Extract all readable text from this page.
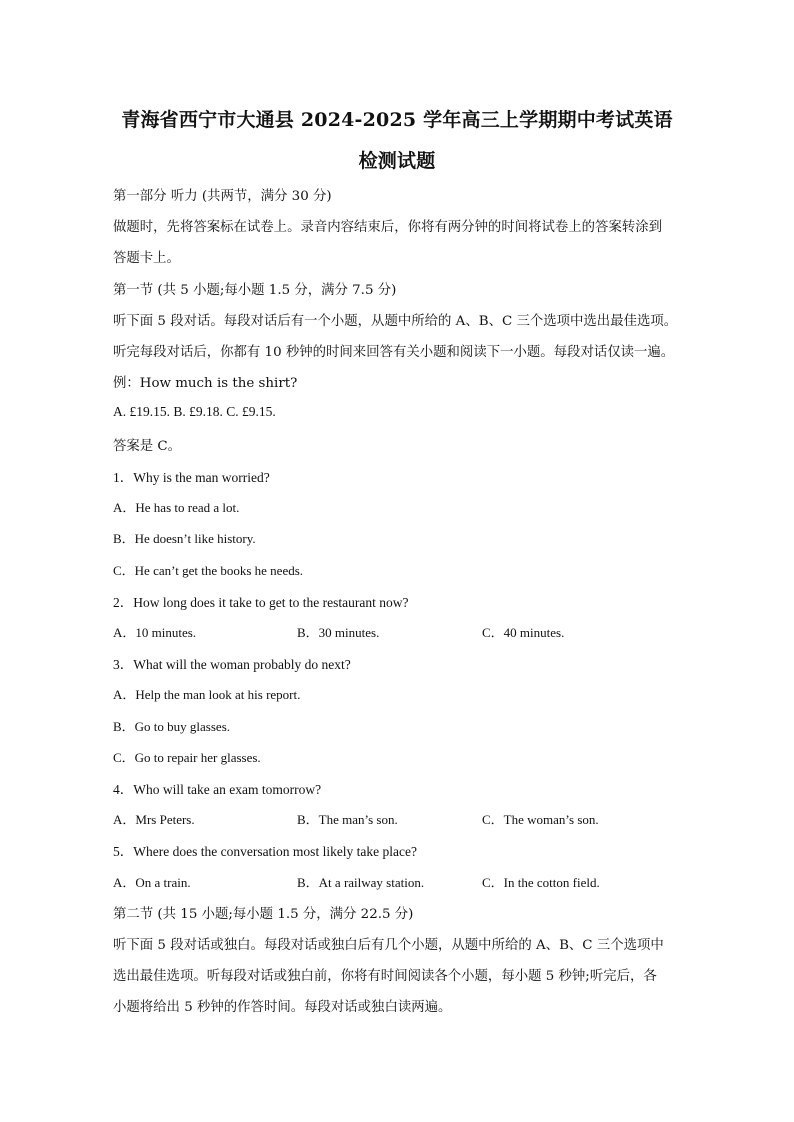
青海省西宁市大通县 2024-2025 学年高三上学期期中考试英语
检测试题
第一部分 听力 (共两节，满分 30 分)
做题时，先将答案标在试卷上。录音内容结束后，你将有两分钟的时间将试卷上的答案转涂到
答题卡上。
第一节 (共 5 小题;每小题 1.5 分，满分 7.5 分)
听下面 5 段对话。每段对话后有一个小题，从题中所给的 A、B、C 三个选项中选出最佳选项。
听完每段对话后，你都有 10 秒钟的时间来回答有关小题和阅读下一小题。每段对话仅读一遍。
例：How much is the shirt?
A. £19.15. B. £9.18. C. £9.15.
答案是 C。
1．Why is the man worried?
A．He has to read a lot.
B．He doesn’t like history.
C．He can’t get the books he needs.
2．How long does it take to get to the restaurant now?
A．10 minutes.	B．30 minutes.	C．40 minutes.
3．What will the woman probably do next?
A．Help the man look at his report.
B．Go to buy glasses.
C．Go to repair her glasses.
4．Who will take an exam tomorrow?
A．Mrs Peters.	B．The man’s son.	C．The woman’s son.
5．Where does the conversation most likely take place?
A．On a train.	B．At a railway station.	C．In the cotton field.
第二节 (共 15 小题;每小题 1.5 分，满分 22.5 分)
听下面 5 段对话或独白。每段对话或独白后有几个小题，从题中所给的 A、B、C 三个选项中
选出最佳选项。听每段对话或独白前，你将有时间阅读各个小题，每小题 5 秒钟;听完后，各
小题将给出 5 秒钟的作答时间。每段对话或独白读两遍。
